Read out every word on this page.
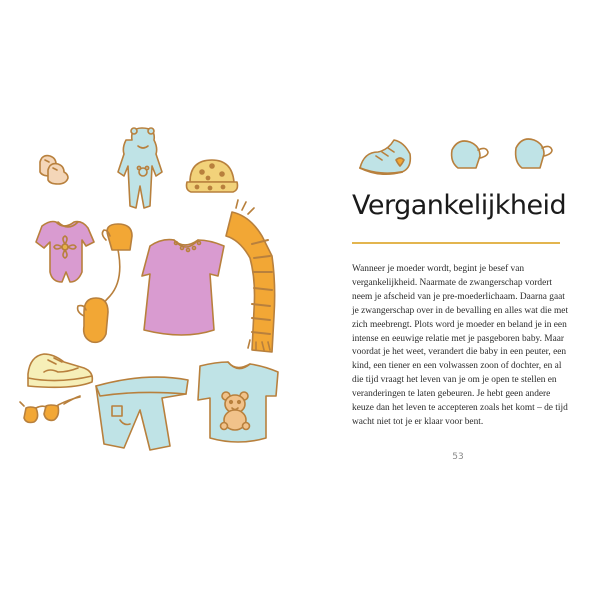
Vergankelijkheid

Wanneer je moeder wordt, begint je besef van vergankelijkheid. Naarmate de zwangerschap vordert neem je afscheid van je pre-moederlichaam. Daarna gaat je zwangerschap over in de bevalling en alles wat die met zich meebrengt. Plots word je moeder en beland je in een intense en eeuwige relatie met je pasgeboren baby. Maar voordat je het weet, verandert die baby in een peuter, een kind, een tiener en een volwassen zoon of dochter, en al die tijd vraagt het leven van je om je open te stellen en veranderingen te laten gebeuren. Je hebt geen andere keuze dan het leven te accepteren zoals het komt – de tijd wacht niet tot je er klaar voor bent.

53
